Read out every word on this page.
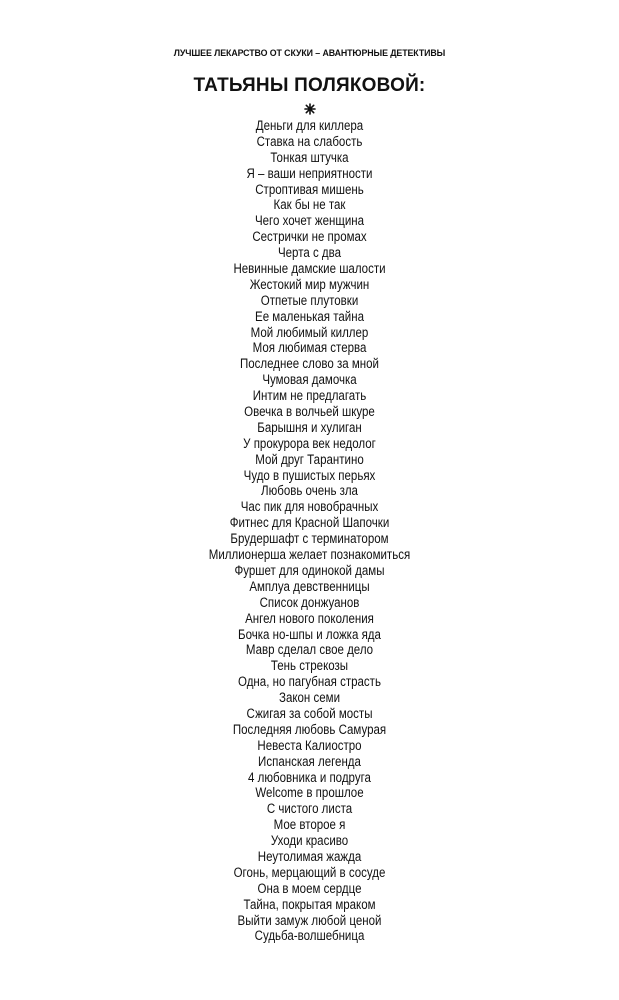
ЛУЧШЕЕ ЛЕКАРСТВО ОТ СКУКИ – АВАНТЮРНЫЕ ДЕТЕКТИВЫ
ТАТЬЯНЫ ПОЛЯКОВОЙ:
Деньги для киллера
Ставка на слабость
Тонкая штучка
Я – ваши неприятности
Строптивая мишень
Как бы не так
Чего хочет женщина
Сестрички не промах
Черта с два
Невинные дамские шалости
Жестокий мир мужчин
Отпетые плутовки
Ее маленькая тайна
Мой любимый киллер
Моя любимая стерва
Последнее слово за мной
Чумовая дамочка
Интим не предлагать
Овечка в волчьей шкуре
Барышня и хулиган
У прокурора век недолог
Мой друг Тарантино
Чудо в пушистых перьях
Любовь очень зла
Час пик для новобрачных
Фитнес для Красной Шапочки
Брудершафт с терминатором
Миллионерша желает познакомиться
Фуршет для одинокой дамы
Амплуа девственницы
Список донжуанов
Ангел нового поколения
Бочка но-шпы и ложка яда
Мавр сделал свое дело
Тень стрекозы
Одна, но пагубная страсть
Закон семи
Сжигая за собой мосты
Последняя любовь Самурая
Невеста Калиостро
Испанская легенда
4 любовника и подруга
Welcome в прошлое
С чистого листа
Мое второе я
Уходи красиво
Неутолимая жажда
Огонь, мерцающий в сосуде
Она в моем сердце
Тайна, покрытая мраком
Выйти замуж любой ценой
Судьба-волшебница
